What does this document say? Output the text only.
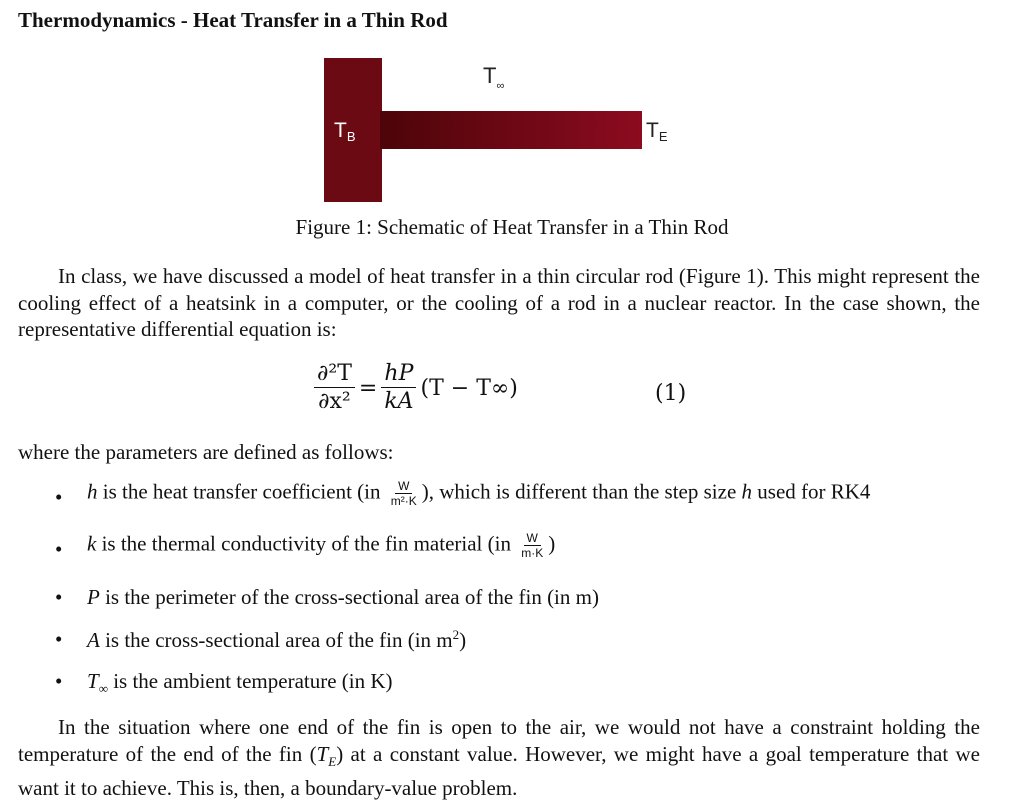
Thermodynamics - Heat Transfer in a Thin Rod
$T_\infty$
TB	TE
Figure 1: Schematic of Heat Transfer in a Thin Rod

In class, we have discussed a model of heat transfer in a thin circular rod (Figure 1). This might represent the cooling effect of a heatsink in a computer, or the cooling of a rod in a nuclear reactor. In the case shown, the representative differential equation is:

$\frac{\text{∂²T}}{\text{∂x²}} = \frac{hP}{kA} (T - T\infty)$	(1)
where the parameters are defined as follows:
• h is the heat transfer coefficient ($in \frac{W}{\text{m²·K}}$ ), which is different than the step size h used for RK4
• k is the thermal conductivity of the fin material ($in \frac{W}{m\cdot K}$ )
• P is the perimeter of the cross-sectional area of the fin (in m)
• A is the cross-sectional area of the fin (in $m^2$)
• $T_\infty$ is the ambient temperature (in K)

In the situation where one end of the fin is open to the air, we would not have a constraint holding the temperature of the end of the fin $(T_E)$ at a constant value. However, we might have a goal temperature that we want it to achieve. This is, then, a boundary-value problem.
